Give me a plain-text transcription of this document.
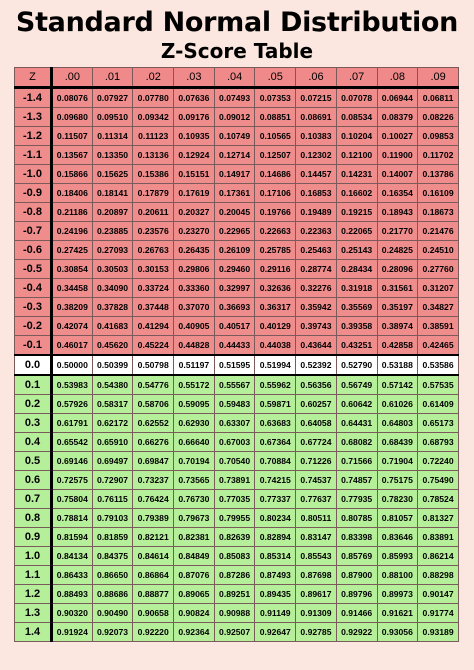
Standard Normal Distribution
Z-Score Table
Z	.00	.01	.02	.03	.04	.05	.06	.07	.08	.09
-1.4	0.08076	0.07927	0.07780	0.07636	0.07493	0.07353	0.07215	0.07078	0.06944	0.06811
-1.3	0.09680	0.09510	0.09342	0.09176	0.09012	0.08851	0.08691	0.08534	0.08379	0.08226
-1.2	0.11507	0.11314	0.11123	0.10935	0.10749	0.10565	0.10383	0.10204	0.10027	0.09853
-1.1	0.13567	0.13350	0.13136	0.12924	0.12714	0.12507	0.12302	0.12100	0.11900	0.11702
-1.0	0.15866	0.15625	0.15386	0.15151	0.14917	0.14686	0.14457	0.14231	0.14007	0.13786
-0.9	0.18406	0.18141	0.17879	0.17619	0.17361	0.17106	0.16853	0.16602	0.16354	0.16109
-0.8	0.21186	0.20897	0.20611	0.20327	0.20045	0.19766	0.19489	0.19215	0.18943	0.18673
-0.7	0.24196	0.23885	0.23576	0.23270	0.22965	0.22663	0.22363	0.22065	0.21770	0.21476
-0.6	0.27425	0.27093	0.26763	0.26435	0.26109	0.25785	0.25463	0.25143	0.24825	0.24510
-0.5	0.30854	0.30503	0.30153	0.29806	0.29460	0.29116	0.28774	0.28434	0.28096	0.27760
-0.4	0.34458	0.34090	0.33724	0.33360	0.32997	0.32636	0.32276	0.31918	0.31561	0.31207
-0.3	0.38209	0.37828	0.37448	0.37070	0.36693	0.36317	0.35942	0.35569	0.35197	0.34827
-0.2	0.42074	0.41683	0.41294	0.40905	0.40517	0.40129	0.39743	0.39358	0.38974	0.38591
-0.1	0.46017	0.45620	0.45224	0.44828	0.44433	0.44038	0.43644	0.43251	0.42858	0.42465
0.0	0.50000	0.50399	0.50798	0.51197	0.51595	0.51994	0.52392	0.52790	0.53188	0.53586
0.1	0.53983	0.54380	0.54776	0.55172	0.55567	0.55962	0.56356	0.56749	0.57142	0.57535
0.2	0.57926	0.58317	0.58706	0.59095	0.59483	0.59871	0.60257	0.60642	0.61026	0.61409
0.3	0.61791	0.62172	0.62552	0.62930	0.63307	0.63683	0.64058	0.64431	0.64803	0.65173
0.4	0.65542	0.65910	0.66276	0.66640	0.67003	0.67364	0.67724	0.68082	0.68439	0.68793
0.5	0.69146	0.69497	0.69847	0.70194	0.70540	0.70884	0.71226	0.71566	0.71904	0.72240
0.6	0.72575	0.72907	0.73237	0.73565	0.73891	0.74215	0.74537	0.74857	0.75175	0.75490
0.7	0.75804	0.76115	0.76424	0.76730	0.77035	0.77337	0.77637	0.77935	0.78230	0.78524
0.8	0.78814	0.79103	0.79389	0.79673	0.79955	0.80234	0.80511	0.80785	0.81057	0.81327
0.9	0.81594	0.81859	0.82121	0.82381	0.82639	0.82894	0.83147	0.83398	0.83646	0.83891
1.0	0.84134	0.84375	0.84614	0.84849	0.85083	0.85314	0.85543	0.85769	0.85993	0.86214
1.1	0.86433	0.86650	0.86864	0.87076	0.87286	0.87493	0.87698	0.87900	0.88100	0.88298
1.2	0.88493	0.88686	0.88877	0.89065	0.89251	0.89435	0.89617	0.89796	0.89973	0.90147
1.3	0.90320	0.90490	0.90658	0.90824	0.90988	0.91149	0.91309	0.91466	0.91621	0.91774
1.4	0.91924	0.92073	0.92220	0.92364	0.92507	0.92647	0.92785	0.92922	0.93056	0.93189
